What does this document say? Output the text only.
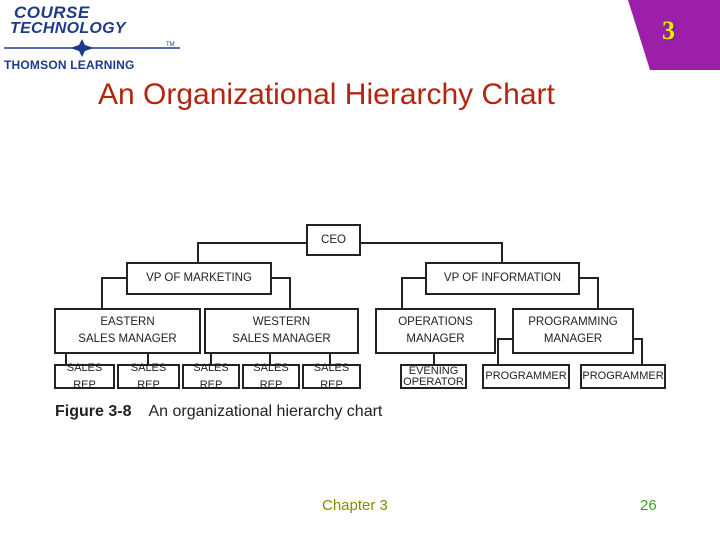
COURSE
TECHNOLOGY
TM
THOMSON LEARNING
3
An Organizational Hierarchy Chart
CEO
VP OF MARKETING	VP OF INFORMATION
EASTERN
SALES MANAGER
WESTERN
SALES MANAGER
OPERATIONS
MANAGER
PROGRAMMING
MANAGER
SALES REP
SALES REP
SALES REP
SALES REP
SALES REP
EVENING
OPERATOR	PROGRAMMER	PROGRAMMER
Figure 3-8 An organizational hierarchy chart
Chapter 3	26
